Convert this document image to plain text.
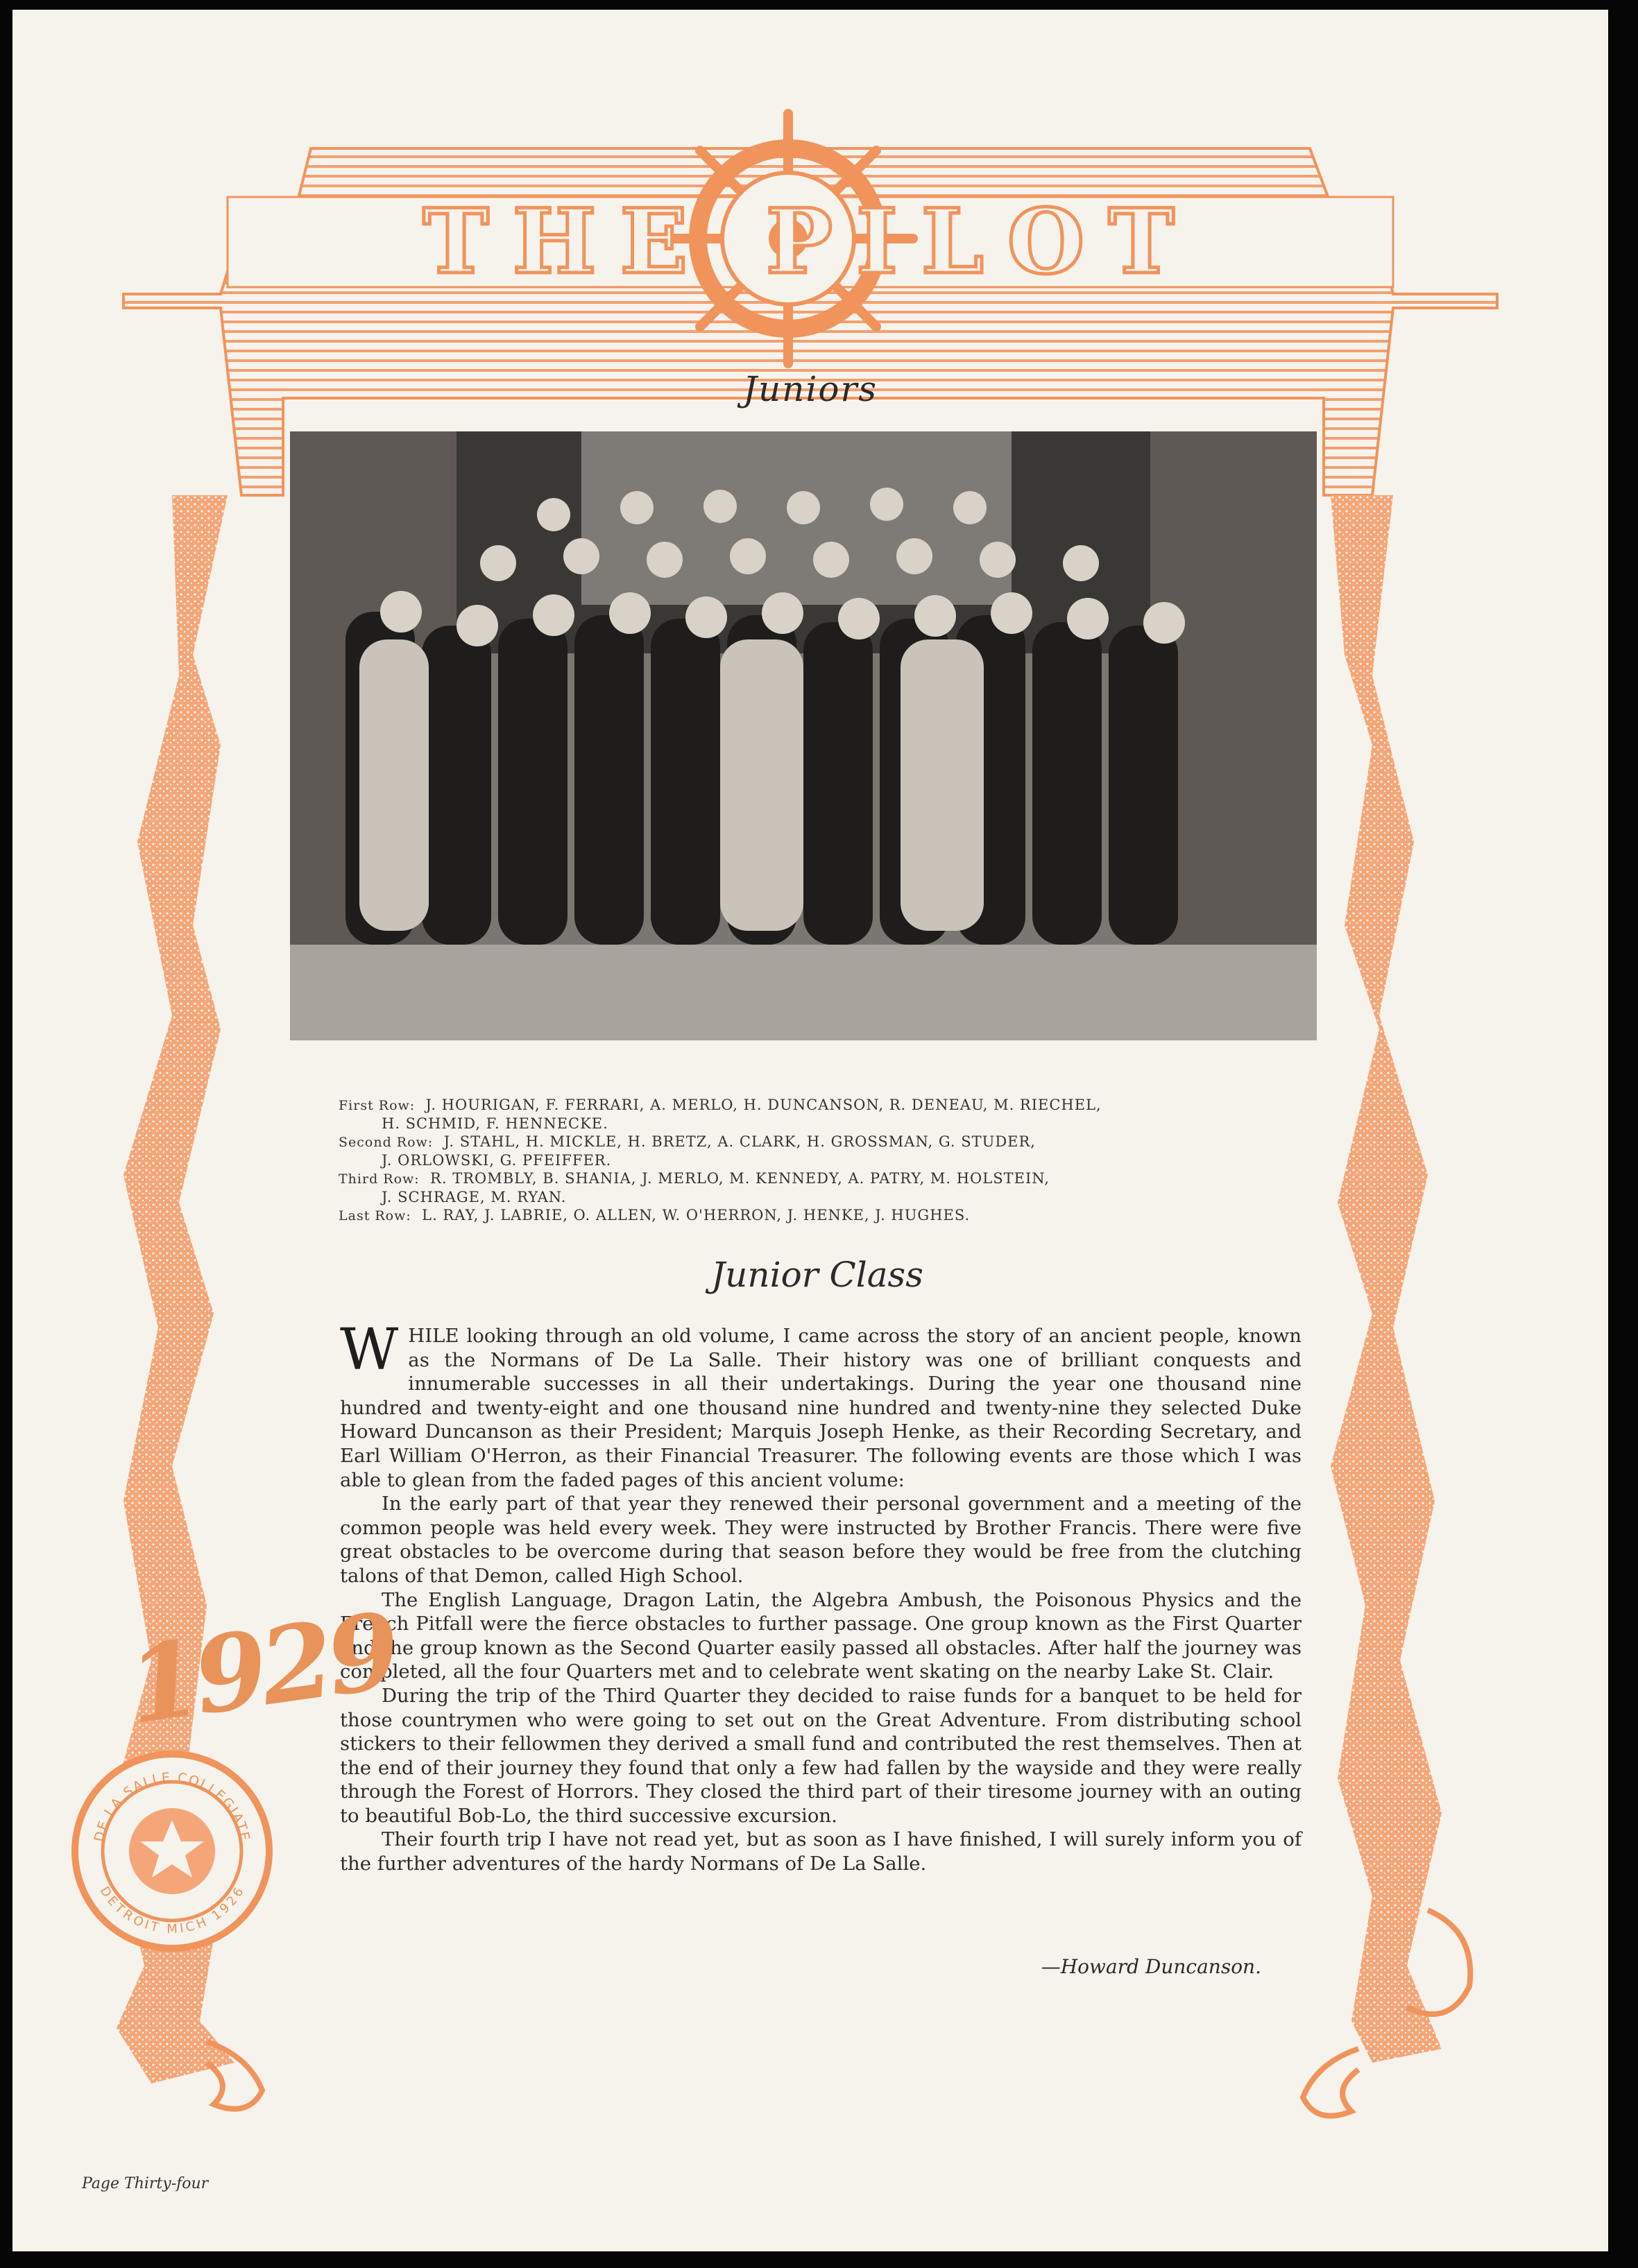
THE PILOT
Juniors
First Row: J. HOURIGAN, F. FERRARI, A. MERLO, H. DUNCANSON, R. DENEAU, M. RIECHEL,
H. SCHMID, F. HENNECKE.
Second Row: J. STAHL, H. MICKLE, H. BRETZ, A. CLARK, H. GROSSMAN, G. STUDER,
J. ORLOWSKI, G. PFEIFFER.
Third Row: R. TROMBLY, B. SHANIA, J. MERLO, M. KENNEDY, A. PATRY, M. HOLSTEIN,
J. SCHRAGE, M. RYAN.
Last Row: L. RAY, J. LABRIE, O. ALLEN, W. O'HERRON, J. HENKE, J. HUGHES.
Junior Class

WHILE looking through an old volume, I came across the story of an ancient people, known as the Normans of De La Salle. Their history was one of brilliant conquests and innumerable successes in all their undertakings. During the year one thousand nine hundred and twenty-eight and one thousand nine hundred and twenty-nine they selected Duke Howard Duncanson as their President; Marquis Joseph Henke, as their Recording Secretary, and Earl William O'Herron, as their Financial Treasurer. The following events are those which I was able to glean from the faded pages of this ancient volume:

In the early part of that year they renewed their personal government and a meeting of the common people was held every week. They were instructed by Brother Francis. There were five great obstacles to be overcome during that season before they would be free from the clutching talons of that Demon, called High School.

The English Language, Dragon Latin, the Algebra Ambush, the Poisonous Physics and the French Pitfall were the fierce obstacles to further passage. One group known as the First Quarter and the group known as the Second Quarter easily passed all obstacles. After half the journey was completed, all the four Quarters met and to celebrate went skating on the nearby Lake St. Clair.

During the trip of the Third Quarter they decided to raise funds for a banquet to be held for those countrymen who were going to set out on the Great Adventure. From distributing school stickers to their fellowmen they derived a small fund and contributed the rest themselves. Then at the end of their journey they found that only a few had fallen by the wayside and they were really through the Forest of Horrors. They closed the third part of their tiresome journey with an outing to beautiful Bob-Lo, the third successive excursion.

Their fourth trip I have not read yet, but as soon as I have finished, I will surely inform you of the further adventures of the hardy Normans of De La Salle.

—Howard Duncanson.
1929
DE LA SALLE COLLEGIATE
DETROIT MICH 1926
Page Thirty-four
